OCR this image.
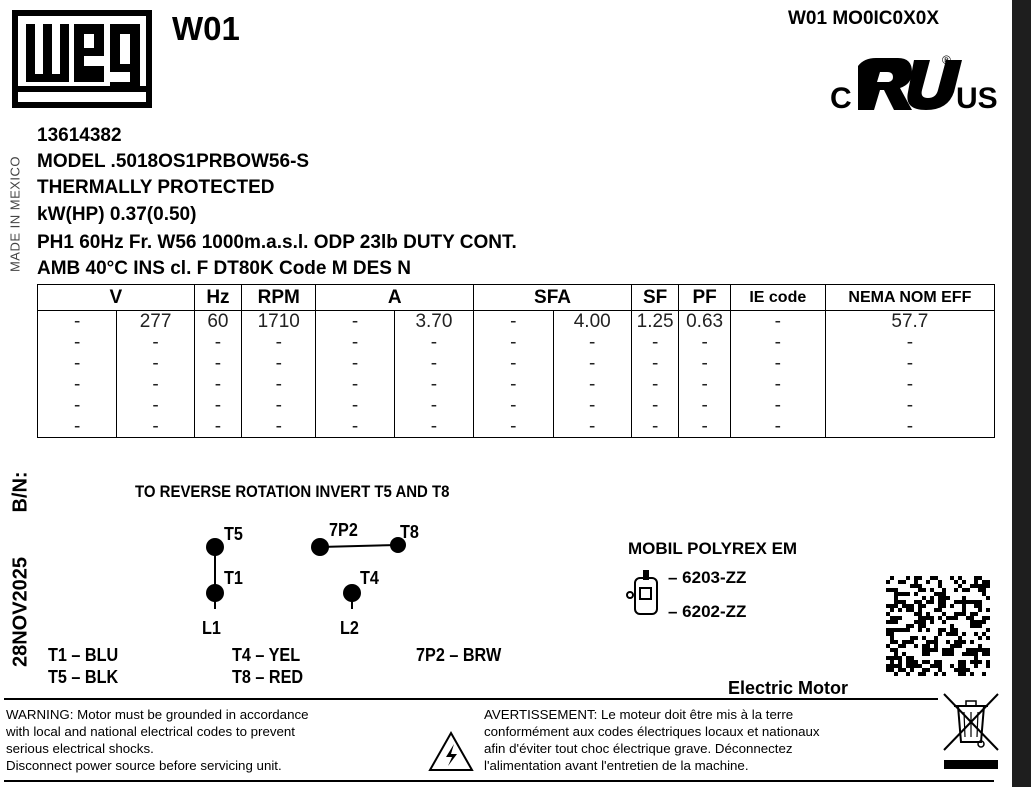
WEG
W01	W01 MO0IC0X0X
C
®
US
MADE IN MEXICO
13614382
MODEL .5018OS1PRBOW56-S
THERMALLY PROTECTED
kW(HP) 0.37(0.50)
PH1 60Hz Fr. W56 1000m.a.s.l. ODP 23lb DUTY CONT.
AMB 40°C INS cl. F DT80K Code M DES N
V		Hz	RPM	A		SFA		SF	PF	IE code	NEMA NOM EFF
-	277	60	1710	-	3.70	-	4.00	1.25	0.63	-	57.7
-	-	-	-	-	-	-	-	-	-	-	-
-	-	-	-	-	-	-	-	-	-	-	-
-	-	-	-	-	-	-	-	-	-	-	-
-	-	-	-	-	-	-	-	-	-	-	-
-	-	-	-	-	-	-	-	-	-	-	-
B/N:
28NOV2025
TO REVERSE ROTATION INVERT T5 AND T8
T5
T1
L1
7P2 T8
T4
L2
T1 – BLU
T5 – BLK
T4 – YEL
T8 – RED
7P2 – BRW
MOBIL POLYREX EM
– 6203-ZZ
– 6202-ZZ
Electric Motor
WARNING: Motor must be grounded in accordance
with local and national electrical codes to prevent
serious electrical shocks.
Disconnect power source before servicing unit.
AVERTISSEMENT: Le moteur doit être mis à la terre
conformément aux codes électriques locaux et nationaux
afin d'éviter tout choc électrique grave. Déconnectez
l'alimentation avant l'entretien de la machine.
